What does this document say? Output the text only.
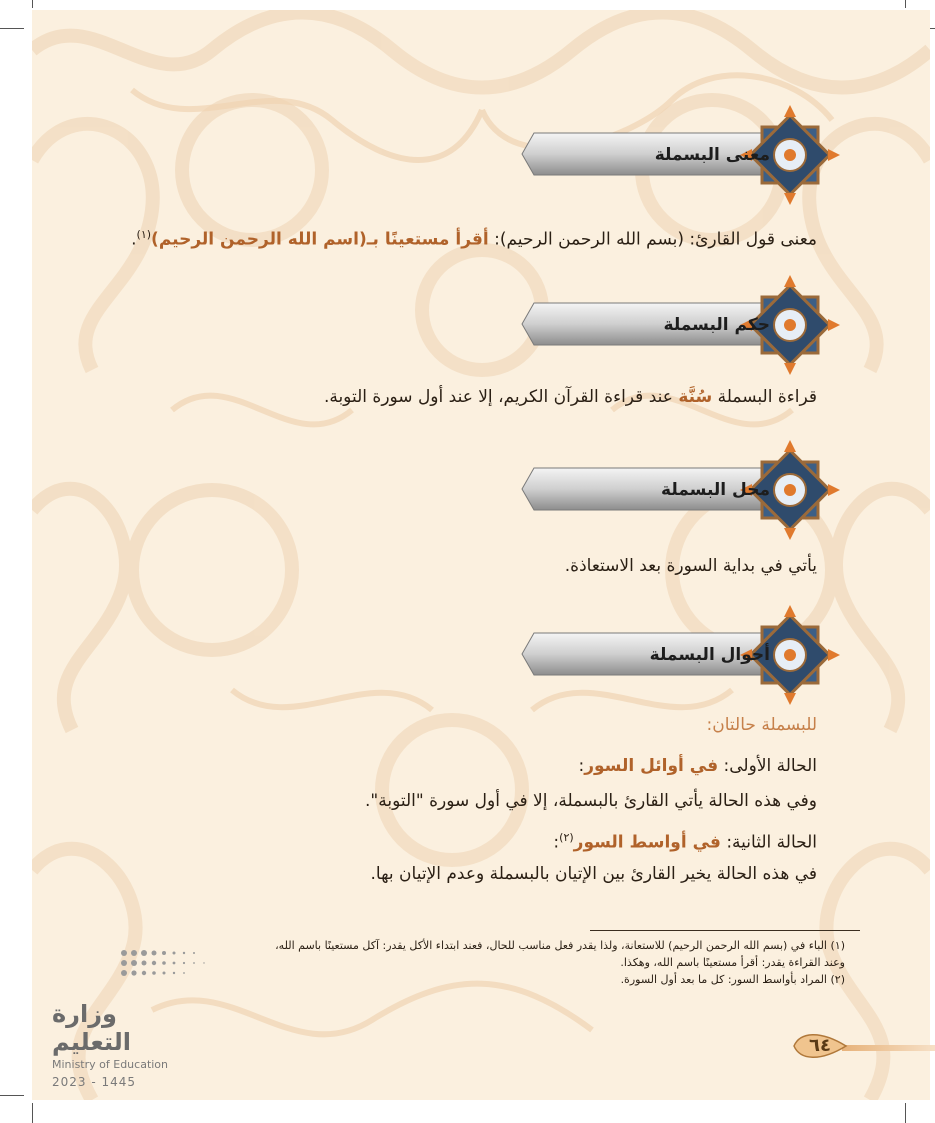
معنى البسملة
معنى قول القارئ: (بسم الله الرحمن الرحيم): أقرأ مستعينًا بـ(اسم الله الرحمن الرحيم)$^{(١)}$.
حكم البسملة
قراءة البسملة سُنَّة عند قراءة القرآن الكريم، إلا عند أول سورة التوبة.
محل البسملة
يأتي في بداية السورة بعد الاستعاذة.
أحوال البسملة
للبسملة حالتان:
الحالة الأولى: في أوائل السور:
وفي هذه الحالة يأتي القارئ بالبسملة، إلا في أول سورة "التوبة".
الحالة الثانية: في أواسط السور$^{(٢)}$:
في هذه الحالة يخير القارئ بين الإتيان بالبسملة وعدم الإتيان بها.
(١) الباء في (بسم الله الرحمن الرحيم) للاستعانة، ولذا يقدر فعل مناسب للحال، فعند ابتداء الأكل يقدر: آكل مستعينًا باسم الله،
وعند القراءة يقدر: أقرأ مستعينًا باسم الله، وهكذا.
(٢) المراد بأواسط السور: كل ما بعد أول السورة.
وزارة التعليم
Ministry of Education
2023 - 1445
٦٤
